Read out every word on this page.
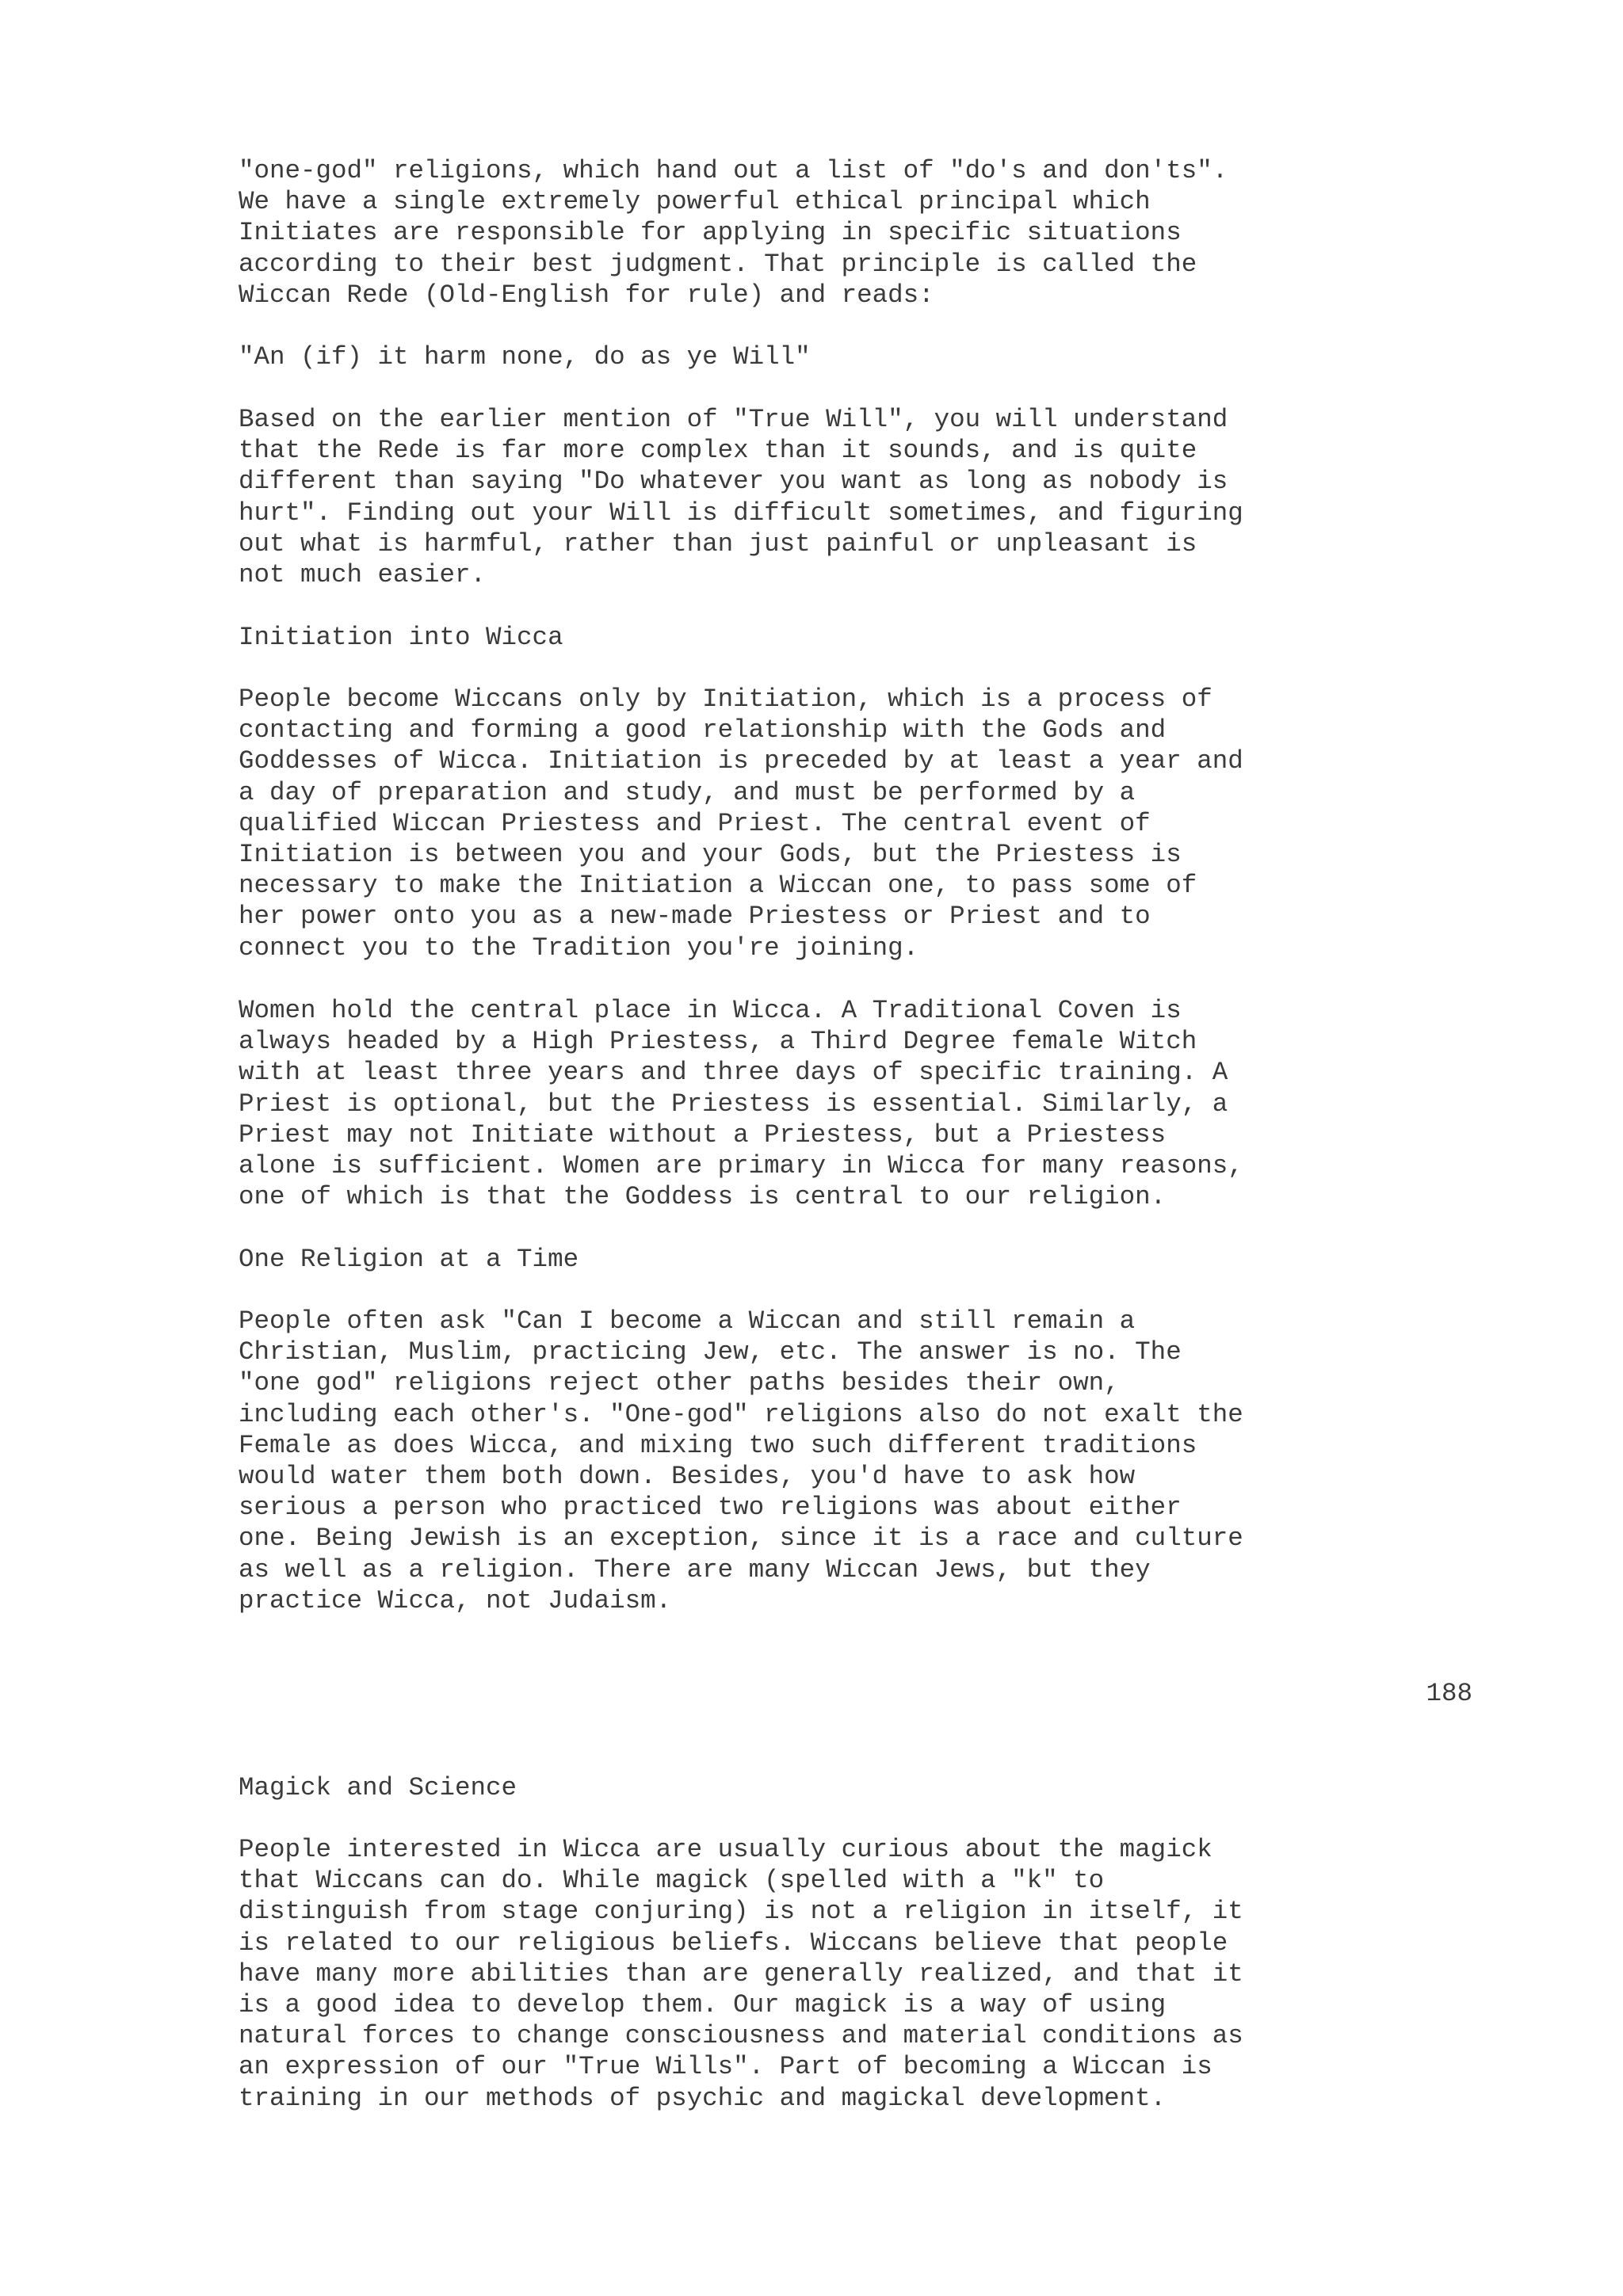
"one-god" religions, which hand out a list of "do's and don'ts".
We have a single extremely powerful ethical principal which
Initiates are responsible for applying in specific situations
according to their best judgment. That principle is called the
Wiccan Rede (Old-English for rule) and reads:

"An (if) it harm none, do as ye Will"

Based on the earlier mention of "True Will", you will understand
that the Rede is far more complex than it sounds, and is quite
different than saying "Do whatever you want as long as nobody is
hurt". Finding out your Will is difficult sometimes, and figuring
out what is harmful, rather than just painful or unpleasant is
not much easier.

Initiation into Wicca

People become Wiccans only by Initiation, which is a process of
contacting and forming a good relationship with the Gods and
Goddesses of Wicca. Initiation is preceded by at least a year and
a day of preparation and study, and must be performed by a
qualified Wiccan Priestess and Priest. The central event of
Initiation is between you and your Gods, but the Priestess is
necessary to make the Initiation a Wiccan one, to pass some of
her power onto you as a new-made Priestess or Priest and to
connect you to the Tradition you're joining.

Women hold the central place in Wicca. A Traditional Coven is
always headed by a High Priestess, a Third Degree female Witch
with at least three years and three days of specific training. A
Priest is optional, but the Priestess is essential. Similarly, a
Priest may not Initiate without a Priestess, but a Priestess
alone is sufficient. Women are primary in Wicca for many reasons,
one of which is that the Goddess is central to our religion.

One Religion at a Time

People often ask "Can I become a Wiccan and still remain a
Christian, Muslim, practicing Jew, etc. The answer is no. The
"one god" religions reject other paths besides their own,
including each other's. "One-god" religions also do not exalt the
Female as does Wicca, and mixing two such different traditions
would water them both down. Besides, you'd have to ask how
serious a person who practiced two religions was about either
one. Being Jewish is an exception, since it is a race and culture
as well as a religion. There are many Wiccan Jews, but they
practice Wicca, not Judaism.

188

Magick and Science

People interested in Wicca are usually curious about the magick
that Wiccans can do. While magick (spelled with a "k" to
distinguish from stage conjuring) is not a religion in itself, it
is related to our religious beliefs. Wiccans believe that people
have many more abilities than are generally realized, and that it
is a good idea to develop them. Our magick is a way of using
natural forces to change consciousness and material conditions as
an expression of our "True Wills". Part of becoming a Wiccan is
training in our methods of psychic and magickal development.
